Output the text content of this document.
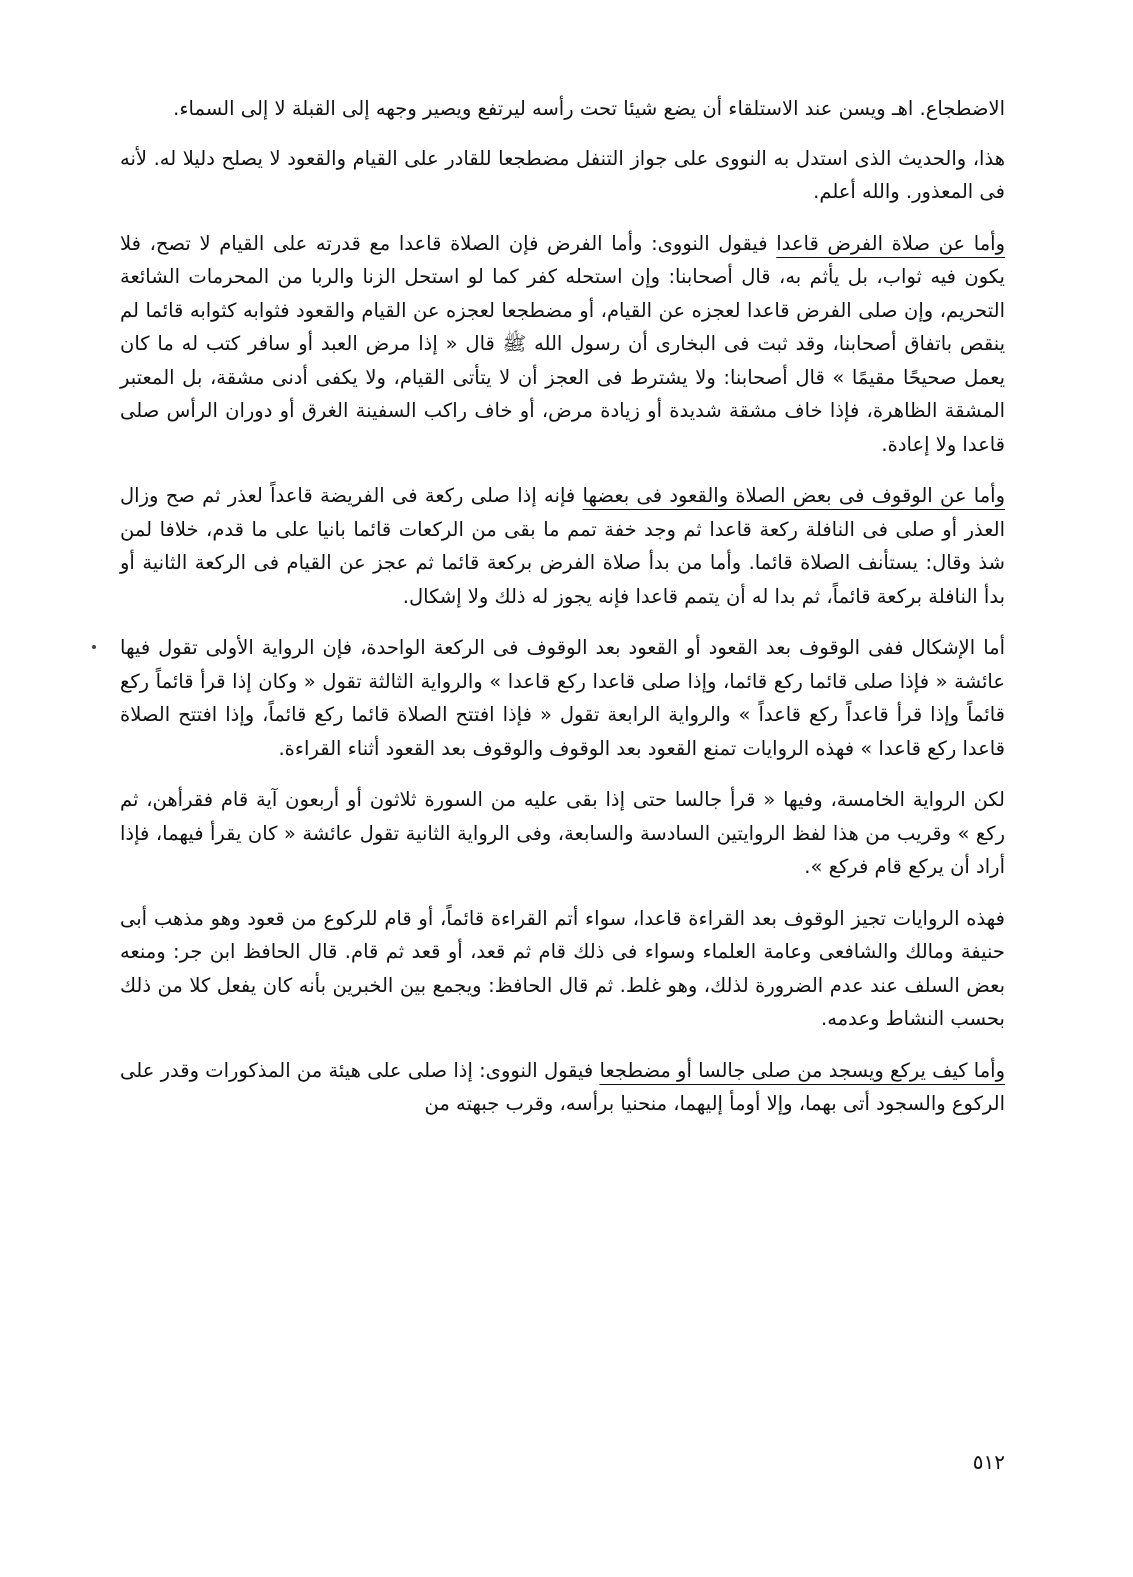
الاضطجاع. اهـ ويسن عند الاستلقاء أن يضع شيئا تحت رأسه ليرتفع ويصير وجهه إلى القبلة لا إلى السماء.

هذا، والحديث الذى استدل به النووى على جواز التنفل مضطجعا للقادر على القيام والقعود لا يصلح دليلا له. لأنه فى المعذور. والله أعلم.

وأما عن صلاة الفرض قاعدا فيقول النووى: وأما الفرض فإن الصلاة قاعدا مع قدرته على القيام لا تصح، فلا يكون فيه ثواب، بل يأثم به، قال أصحابنا: وإن استحله كفر كما لو استحل الزنا والربا من المحرمات الشائعة التحريم، وإن صلى الفرض قاعدا لعجزه عن القيام، أو مضطجعا لعجزه عن القيام والقعود فثوابه كثوابه قائما لم ينقص باتفاق أصحابنا، وقد ثبت فى البخارى أن رسول الله ﷺ قال « إذا مرض العبد أو سافر كتب له ما كان يعمل صحيحًا مقيمًا » قال أصحابنا: ولا يشترط فى العجز أن لا يتأتى القيام، ولا يكفى أدنى مشقة، بل المعتبر المشقة الظاهرة، فإذا خاف مشقة شديدة أو زيادة مرض، أو خاف راكب السفينة الغرق أو دوران الرأس صلى قاعدا ولا إعادة.

وأما عن الوقوف فى بعض الصلاة والقعود فى بعضها فإنه إذا صلى ركعة فى الفريضة قاعداً لعذر ثم صح وزال العذر أو صلى فى النافلة ركعة قاعدا ثم وجد خفة تمم ما بقى من الركعات قائما بانيا على ما قدم، خلافا لمن شذ وقال: يستأنف الصلاة قائما. وأما من بدأ صلاة الفرض بركعة قائما ثم عجز عن القيام فى الركعة الثانية أو بدأ النافلة بركعة قائماً، ثم بدا له أن يتمم قاعدا فإنه يجوز له ذلك ولا إشكال.

أما الإشكال ففى الوقوف بعد القعود أو القعود بعد الوقوف فى الركعة الواحدة، فإن الرواية الأولى تقول فيها عائشة « فإذا صلى قائما ركع قائما، وإذا صلى قاعدا ركع قاعدا » والرواية الثالثة تقول « وكان إذا قرأ قائماً ركع قائماً وإذا قرأ قاعداً ركع قاعداً » والرواية الرابعة تقول « فإذا افتتح الصلاة قائما ركع قائماً، وإذا افتتح الصلاة قاعدا ركع قاعدا » فهذه الروايات تمنع القعود بعد الوقوف والوقوف بعد القعود أثناء القراءة.

لكن الرواية الخامسة، وفيها « قرأ جالسا حتى إذا بقى عليه من السورة ثلاثون أو أربعون آية قام فقرأهن، ثم ركع » وقريب من هذا لفظ الروايتين السادسة والسابعة، وفى الرواية الثانية تقول عائشة « كان يقرأ فيهما، فإذا أراد أن يركع قام فركع ».

فهذه الروايات تجيز الوقوف بعد القراءة قاعدا، سواء أتم القراءة قائماً، أو قام للركوع من قعود وهو مذهب أبى حنيفة ومالك والشافعى وعامة العلماء وسواء فى ذلك قام ثم قعد، أو قعد ثم قام. قال الحافظ ابن جر: ومنعه بعض السلف عند عدم الضرورة لذلك، وهو غلط. ثم قال الحافظ: ويجمع بين الخبرين بأنه كان يفعل كلا من ذلك بحسب النشاط وعدمه.

وأما كيف يركع ويسجد من صلى جالسا أو مضطجعا فيقول النووى: إذا صلى على هيئة من المذكورات وقدر على الركوع والسجود أتى بهما، وإلا أومأ إليهما، منحنيا برأسه، وقرب جبهته من

٥١٢
